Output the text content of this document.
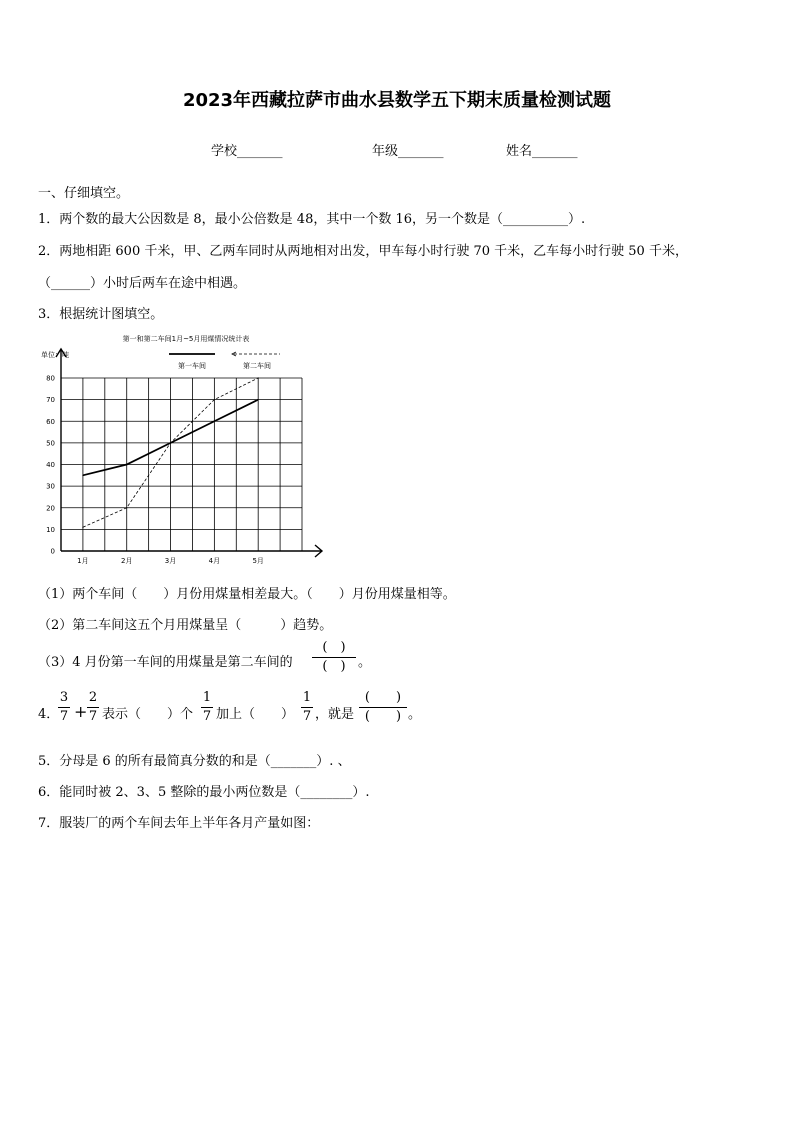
2023年西藏拉萨市曲水县数学五下期末质量检测试题
学校_______	年级_______	姓名_______
一、仔细填空。
1．两个数的最大公因数是 8，最小公倍数是 48，其中一个数 16，另一个数是（__________）.
2．两地相距 600 千米，甲、乙两车同时从两地相对出发，甲车每小时行驶 70 千米，乙车每小时行驶 50 千米，
（______）小时后两车在途中相遇。
3．根据统计图填空。
第一和第二车间1月~5月用煤情况统计表
单位：吨
0
10
20
30
40
50
60
70
80
1月	2月	3月	4月	5月
第一车间	第二车间
（1）两个车间（　　）月份用煤量相差最大。（　　）月份用煤量相等。
（2）第二车间这五个月用煤量呈（　　　）趋势。
（3）4 月份第一车间的用煤量是第二车间的
(　)
(　) 。
4．
3
7 +
2
7 表示（　　）个
1
7 加上（　　）
1
7 ，就是
(　　)
(　　) 。
5．分母是 6 的所有最简真分数的和是（_______）. 、
6．能同时被 2、3、5 整除的最小两位数是（________）.
7．服装厂的两个车间去年上半年各月产量如图：
